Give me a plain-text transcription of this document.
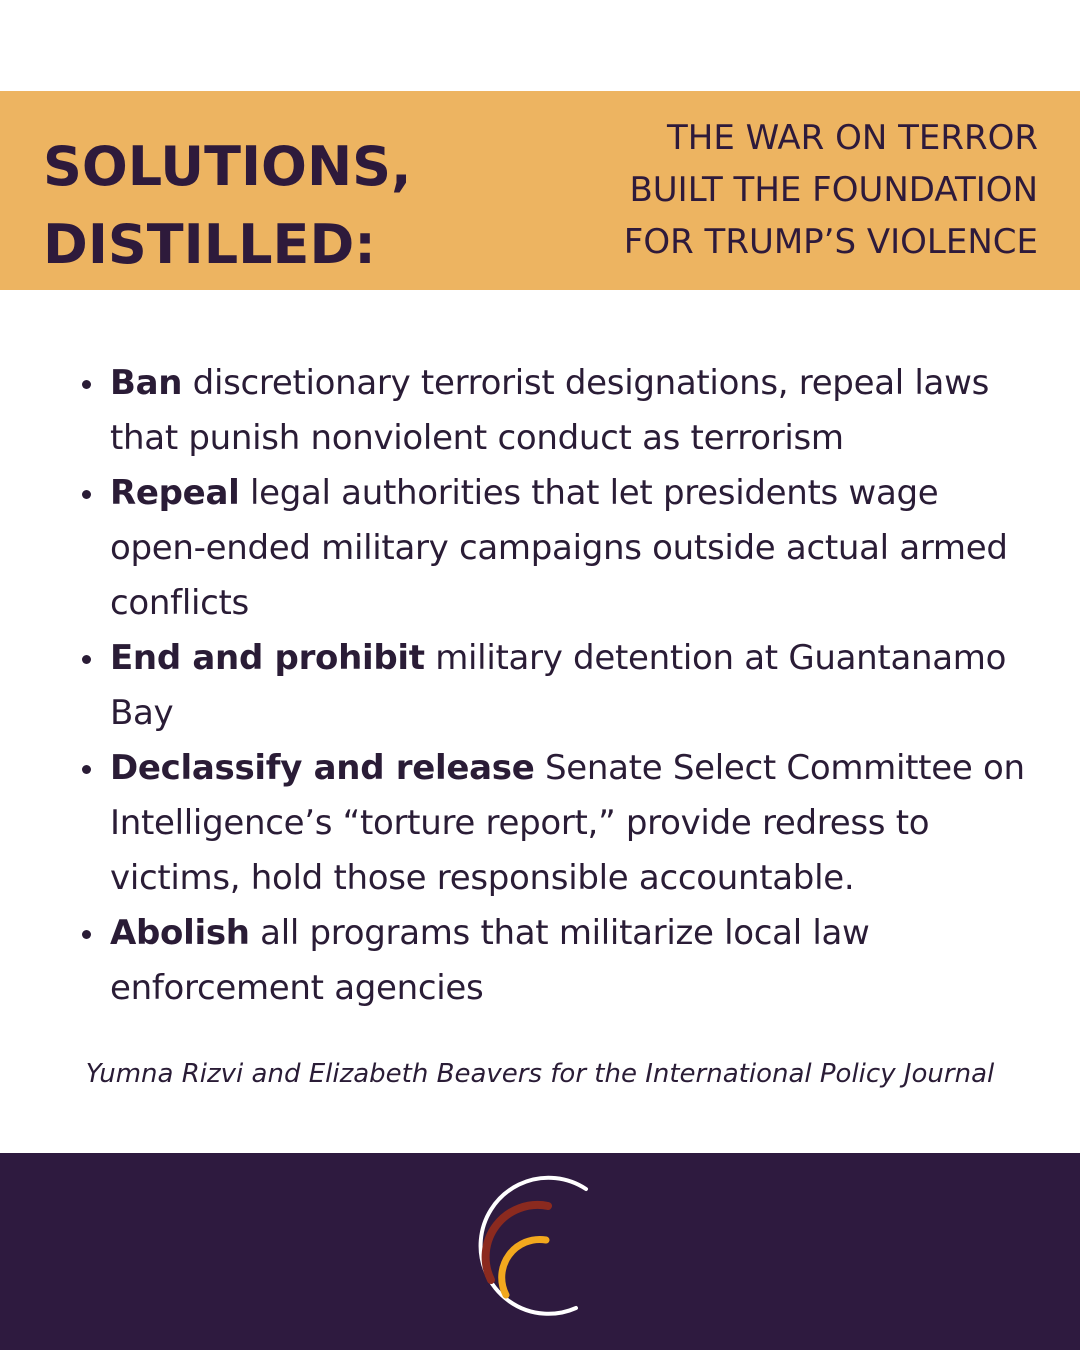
SOLUTIONS,
DISTILLED:
THE WAR ON TERROR
BUILT THE FOUNDATION
FOR TRUMP’S VIOLENCE
Ban discretionary terrorist designations, repeal laws that punish nonviolent conduct as terrorism
Repeal legal authorities that let presidents wage open-ended military campaigns outside actual armed conflicts
End and prohibit military detention at Guantanamo Bay
Declassify and release Senate Select Committee on Intelligence’s “torture report,” provide redress to victims, hold those responsible accountable.
Abolish all programs that militarize local law enforcement agencies

Yumna Rizvi and Elizabeth Beavers for the International Policy Journal
